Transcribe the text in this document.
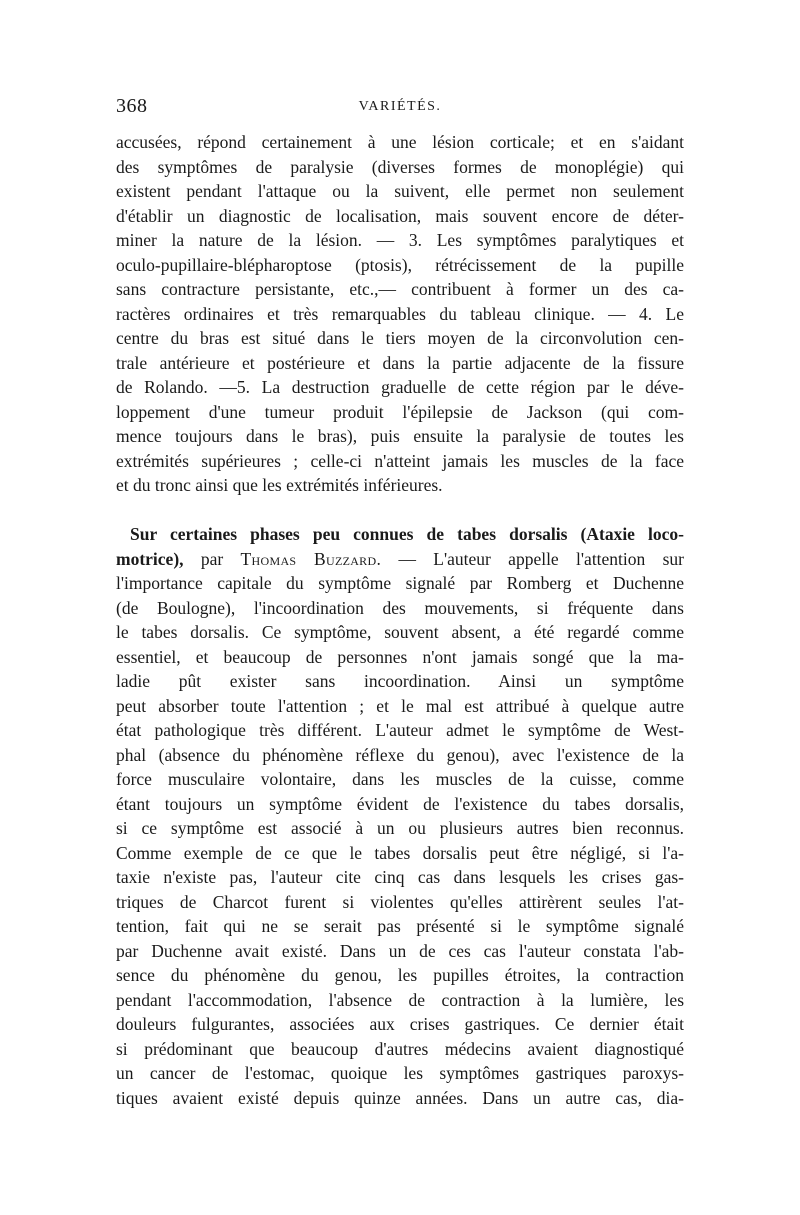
368	VARIÉTÉS.
accusées, répond certainement à une lésion corticale; et en s'aidant
des symptômes de paralysie (diverses formes de monoplégie) qui
existent pendant l'attaque ou la suivent, elle permet non seulement
d'établir un diagnostic de localisation, mais souvent encore de déter-
miner la nature de la lésion. — 3. Les symptômes paralytiques et
oculo-pupillaire-blépharoptose (ptosis), rétrécissement de la pupille
sans contracture persistante, etc.,— contribuent à former un des ca-
ractères ordinaires et très remarquables du tableau clinique. — 4. Le
centre du bras est situé dans le tiers moyen de la circonvolution cen-
trale antérieure et postérieure et dans la partie adjacente de la fissure
de Rolando. —5. La destruction graduelle de cette région par le déve-
loppement d'une tumeur produit l'épilepsie de Jackson (qui com-
mence toujours dans le bras), puis ensuite la paralysie de toutes les
extrémités supérieures ; celle-ci n'atteint jamais les muscles de la face
et du tronc ainsi que les extrémités inférieures.
Sur certaines phases peu connues de tabes dorsalis (Ataxie loco-
motrice), par Thomas Buzzard. — L'auteur appelle l'attention sur
l'importance capitale du symptôme signalé par Romberg et Duchenne
(de Boulogne), l'incoordination des mouvements, si fréquente dans
le tabes dorsalis. Ce symptôme, souvent absent, a été regardé comme
essentiel, et beaucoup de personnes n'ont jamais songé que la ma-
ladie pût exister sans incoordination. Ainsi un symptôme
peut absorber toute l'attention ; et le mal est attribué à quelque autre
état pathologique très différent. L'auteur admet le symptôme de West-
phal (absence du phénomène réflexe du genou), avec l'existence de la
force musculaire volontaire, dans les muscles de la cuisse, comme
étant toujours un symptôme évident de l'existence du tabes dorsalis,
si ce symptôme est associé à un ou plusieurs autres bien reconnus.
Comme exemple de ce que le tabes dorsalis peut être négligé, si l'a-
taxie n'existe pas, l'auteur cite cinq cas dans lesquels les crises gas-
triques de Charcot furent si violentes qu'elles attirèrent seules l'at-
tention, fait qui ne se serait pas présenté si le symptôme signalé
par Duchenne avait existé. Dans un de ces cas l'auteur constata l'ab-
sence du phénomène du genou, les pupilles étroites, la contraction
pendant l'accommodation, l'absence de contraction à la lumière, les
douleurs fulgurantes, associées aux crises gastriques. Ce dernier était
si prédominant que beaucoup d'autres médecins avaient diagnostiqué
un cancer de l'estomac, quoique les symptômes gastriques paroxys-
tiques avaient existé depuis quinze années. Dans un autre cas, dia-
